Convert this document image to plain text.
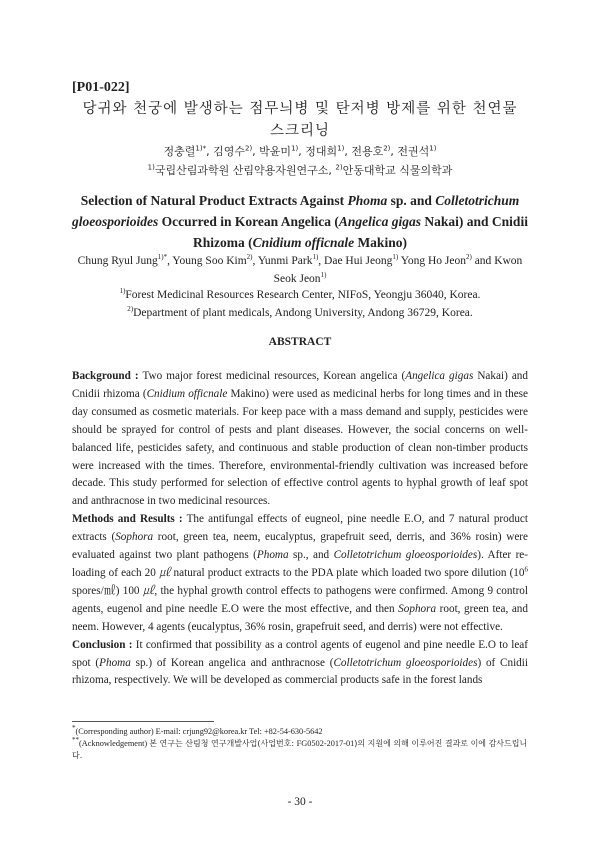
[P01-022]
당귀와 천궁에 발생하는 점무늬병 및 탄저병 방제를 위한 천연물
스크리닝
정충렬$^{1)*}$, 김영수$^{2)}$, 박윤미$^{1)}$, 정대희$^{1)}$, 전용호$^{2)}$, 전권석$^{1)}$
$^{1)}$국립산림과학원 산림약용자원연구소, $^{2)}$안동대학교 식물의학과
Selection of Natural Product Extracts Against Phoma sp. and Colletotrichum
gloeosporioides Occurred in Korean Angelica (Angelica gigas Nakai) and Cnidii
Rhizoma (Cnidium officnale Makino)
Chung Ryul Jung$^{1)*}$, Young Soo Kim$^{2)}$, Yunmi Park$^{1)}$, Dae Hui Jeong$^{1)}$ Yong Ho Jeon$^{2)}$ and Kwon Seok Jeon$^{1)}$
$^{1)}$Forest Medicinal Resources Research Center, NIFoS, Yeongju 36040, Korea.
$^{2)}$Department of plant medicals, Andong University, Andong 36729, Korea.
ABSTRACT

Background : Two major forest medicinal resources, Korean angelica (Angelica gigas Nakai) and Cnidii rhizoma (Cnidium officnale Makino) were used as medicinal herbs for long times and in these day consumed as cosmetic materials. For keep pace with a mass demand and supply, pesticides were should be sprayed for control of pests and plant diseases. However, the social concerns on well-balanced life, pesticides safety, and continuous and stable production of clean non-timber products were increased with the times. Therefore, environmental-friendly cultivation was increased before decade. This study performed for selection of effective control agents to hyphal growth of leaf spot and anthracnose in two medicinal resources.

Methods and Results : The antifungal effects of eugneol, pine needle E.O, and 7 natural product extracts (Sophora root, green tea, neem, eucalyptus, grapefruit seed, derris, and 36% rosin) were evaluated against two plant pathogens (Phoma sp., and Colletotrichum gloeosporioides). After re-loading of each 20 ㎕ natural product extracts to the PDA plate which loaded two spore dilution ($10^6$ spores/㎖) 100 ㎕, the hyphal growth control effects to pathogens were confirmed. Among 9 control agents, eugenol and pine needle E.O were the most effective, and then Sophora root, green tea, and neem. However, 4 agents (eucalyptus, 36% rosin, grapefruit seed, and derris) were not effective.

Conclusion : It confirmed that possibility as a control agents of eugenol and pine needle E.O to leaf spot (Phoma sp.) of Korean angelica and anthracnose (Colletotrichum gloeosporioides) of Cnidii rhizoma, respectively. We will be developed as commercial products safe in the forest lands

*(Corresponding author) E-mail: crjung92@korea.kr Tel: +82-54-630-5642
**(Acknowledgement) 본 연구는 산림청 연구개발사업(사업번호: FG0502-2017-01)의 지원에 의해 이루어진 결과로 이에 감사드립니다.
- 30 -
